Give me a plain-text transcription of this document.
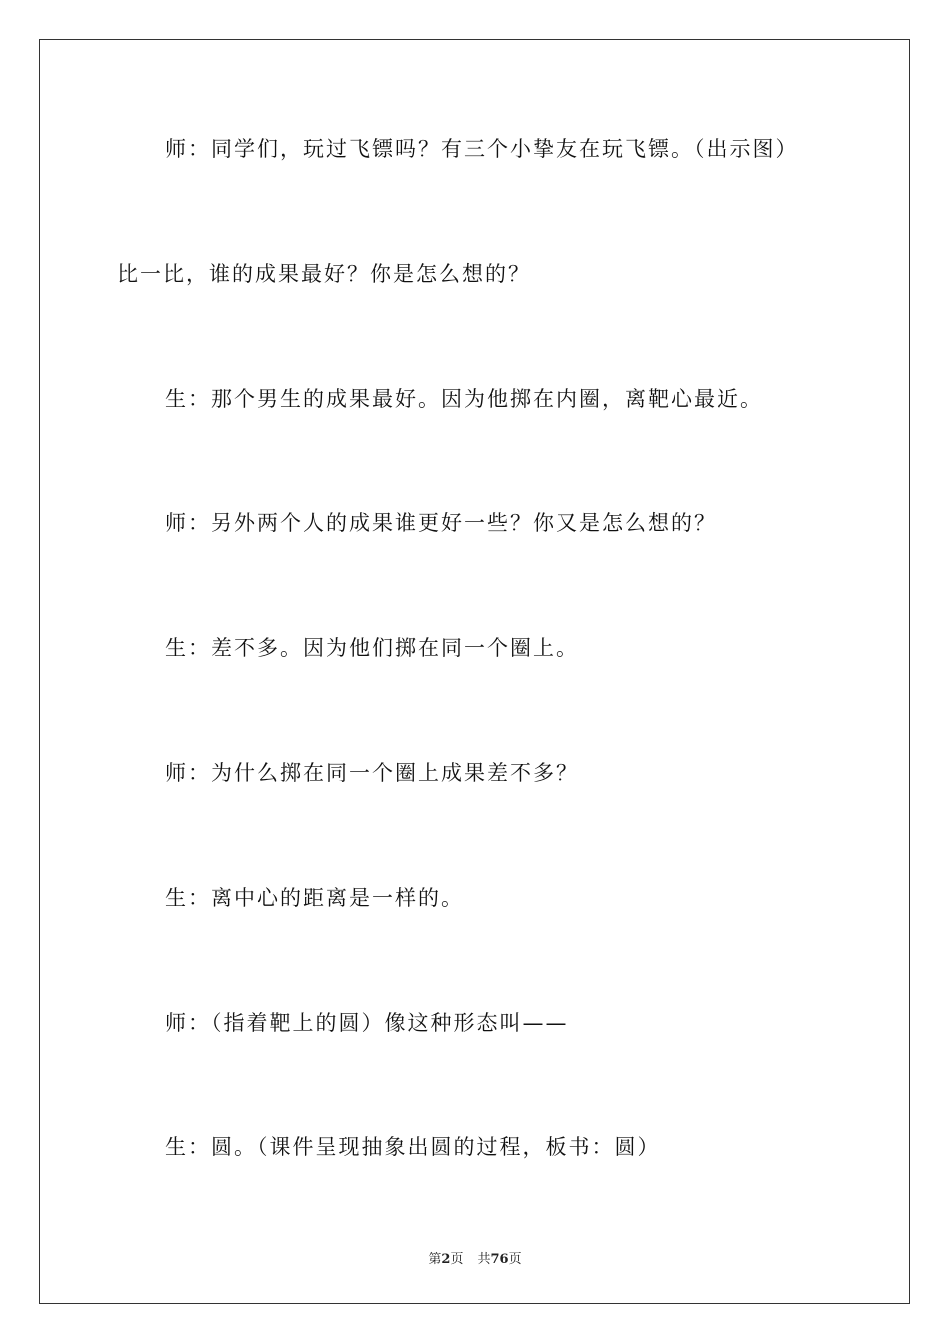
师：同学们，玩过飞镖吗？有三个小挚友在玩飞镖。（出示图）
比一比，谁的成果最好？你是怎么想的？
生：那个男生的成果最好。因为他掷在内圈，离靶心最近。
师：另外两个人的成果谁更好一些？你又是怎么想的？
生：差不多。因为他们掷在同一个圈上。
师：为什么掷在同一个圈上成果差不多？
生：离中心的距离是一样的。
师：（指着靶上的圆）像这种形态叫——
生：圆。（课件呈现抽象出圆的过程，板书：圆）
第2页 共76页
